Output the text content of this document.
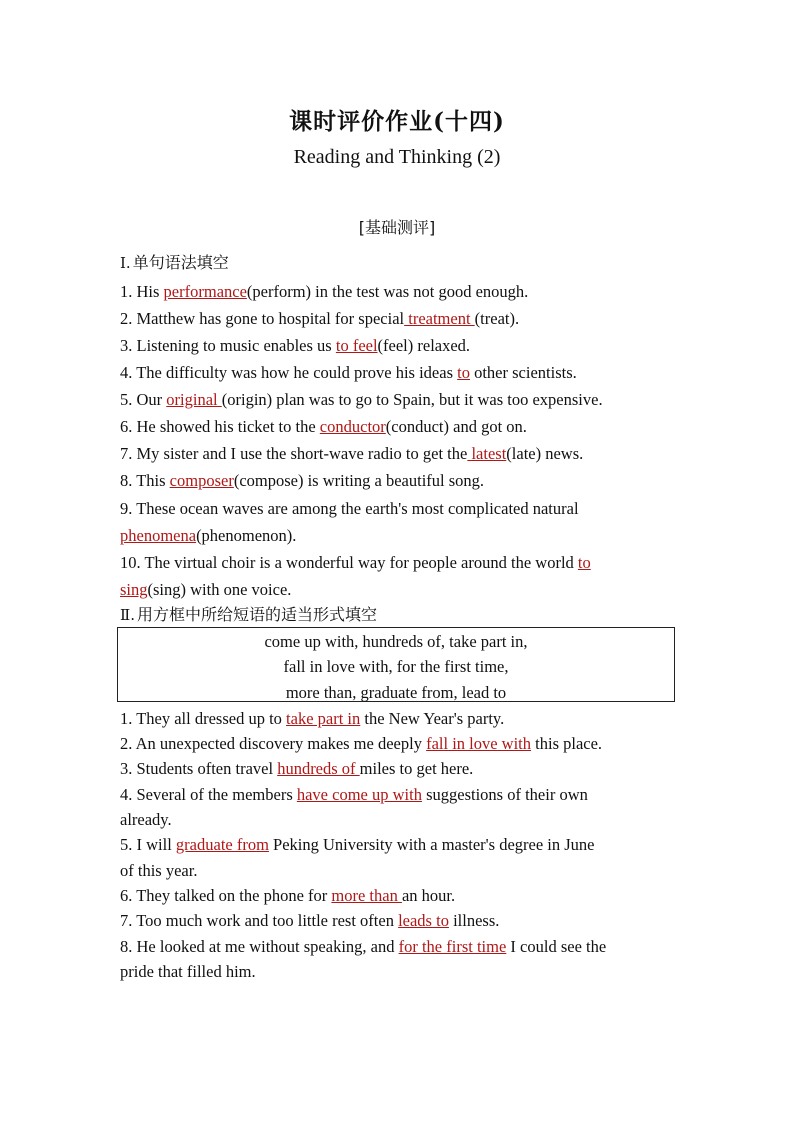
课时评价作业(十四)
Reading and Thinking (2)
[基础测评]
Ⅰ. 单句语法填空
1. His performance(perform) in the test was not good enough.
2. Matthew has gone to hospital for special treatment (treat).
3. Listening to music enables us to feel(feel) relaxed.
4. The difficulty was how he could prove his ideas to other scientists.
5. Our original (origin) plan was to go to Spain, but it was too expensive.
6. He showed his ticket to the conductor(conduct) and got on.
7. My sister and I use the short-wave radio to get the latest(late) news.
8. This composer(compose) is writing a beautiful song.
9. These ocean waves are among the earth's most complicated natural
phenomena(phenomenon).
10. The virtual choir is a wonderful way for people around the world to
sing(sing) with one voice.
Ⅱ. 用方框中所给短语的适当形式填空
come up with, hundreds of, take part in,
fall in love with, for the first time,
more than, graduate from, lead to
1. They all dressed up to take part in the New Year's party.
2. An unexpected discovery makes me deeply fall in love with this place.
3. Students often travel hundreds of miles to get here.
4. Several of the members have come up with suggestions of their own
already.
5. I will graduate from Peking University with a master's degree in June
of this year.
6. They talked on the phone for more than an hour.
7. Too much work and too little rest often leads to illness.
8. He looked at me without speaking, and for the first time I could see the
pride that filled him.
